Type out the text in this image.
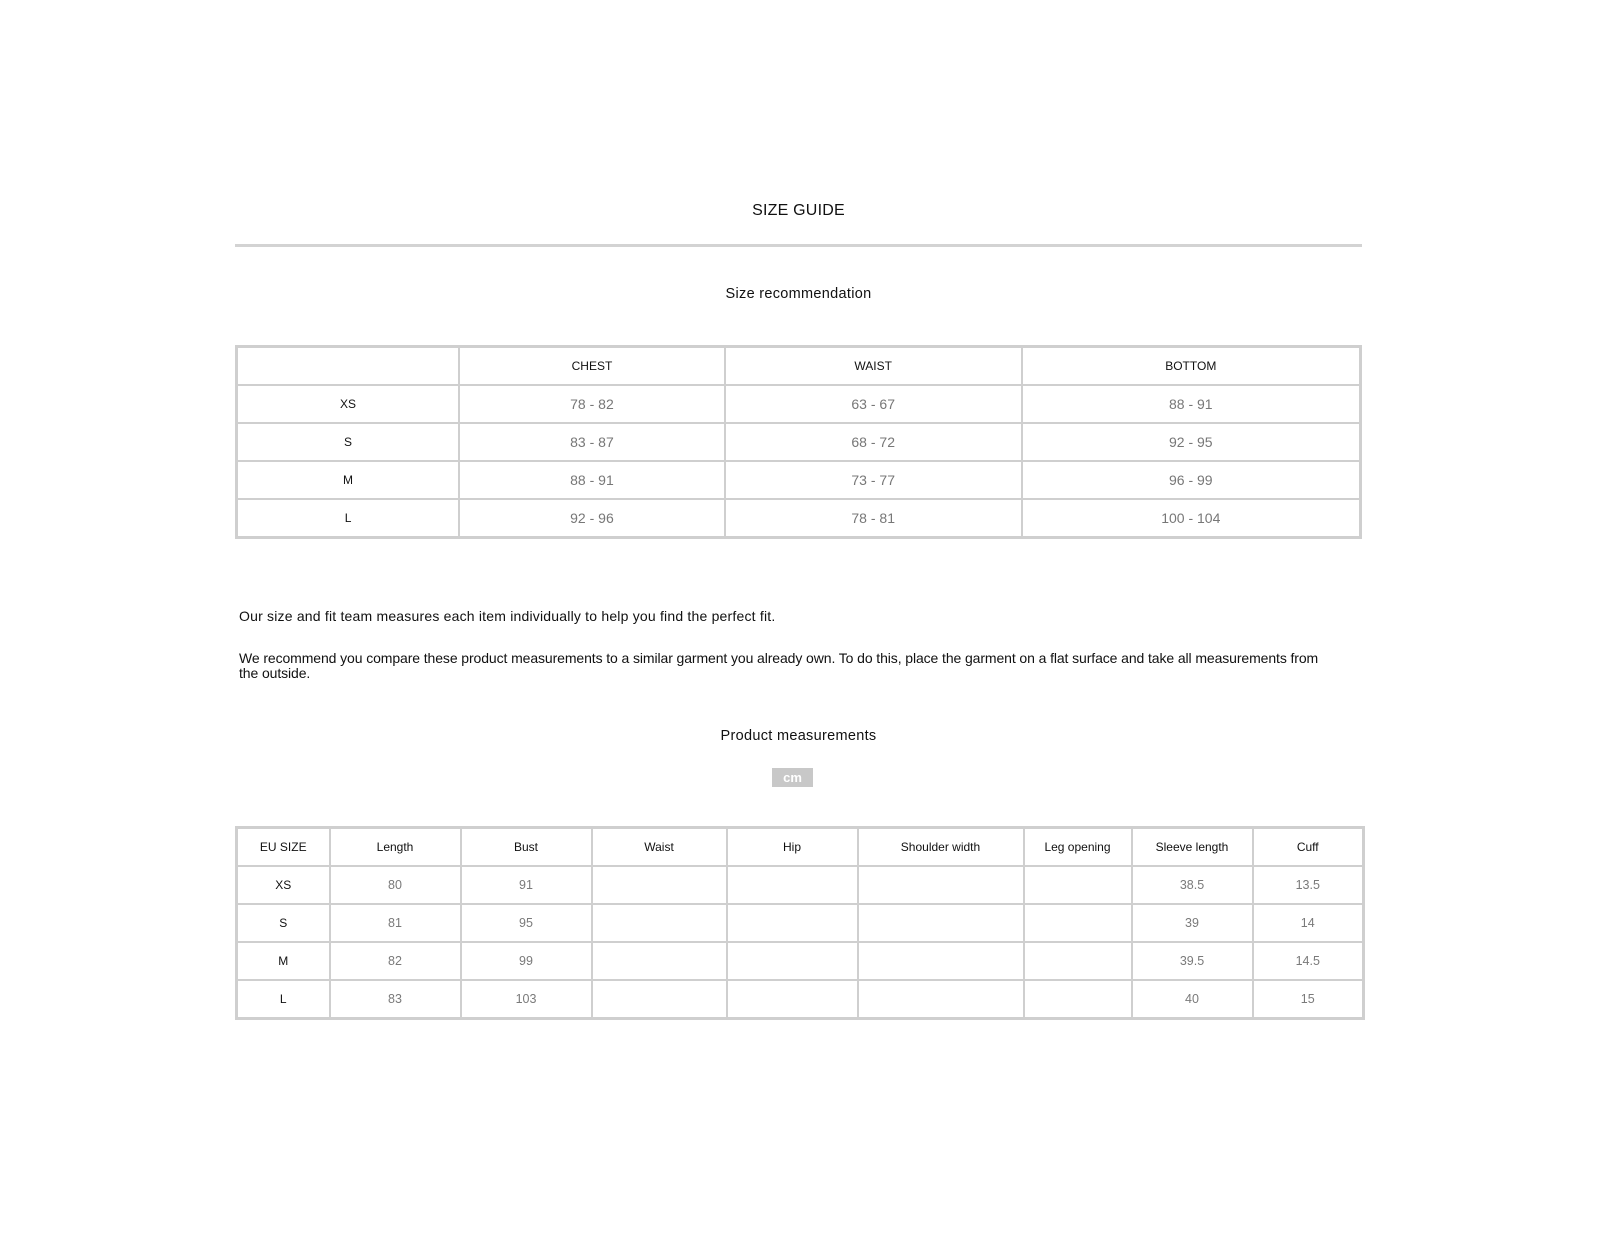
SIZE GUIDE
Size recommendation
	CHEST	WAIST	BOTTOM
XS	78 - 82	63 - 67	88 - 91
S	83 - 87	68 - 72	92 - 95
M	88 - 91	73 - 77	96 - 99
L	92 - 96	78 - 81	100 - 104
Our size and fit team measures each item individually to help you find the perfect fit.
We recommend you compare these product measurements to a similar garment you already own. To do this, place the garment on a flat surface and take all measurements from the outside.
Product measurements
cm
EU SIZE	Length	Bust	Waist	Hip	Shoulder width	Leg opening	Sleeve length	Cuff
XS	80	91					38.5	13.5
S	81	95					39	14
M	82	99					39.5	14.5
L	83	103					40	15
